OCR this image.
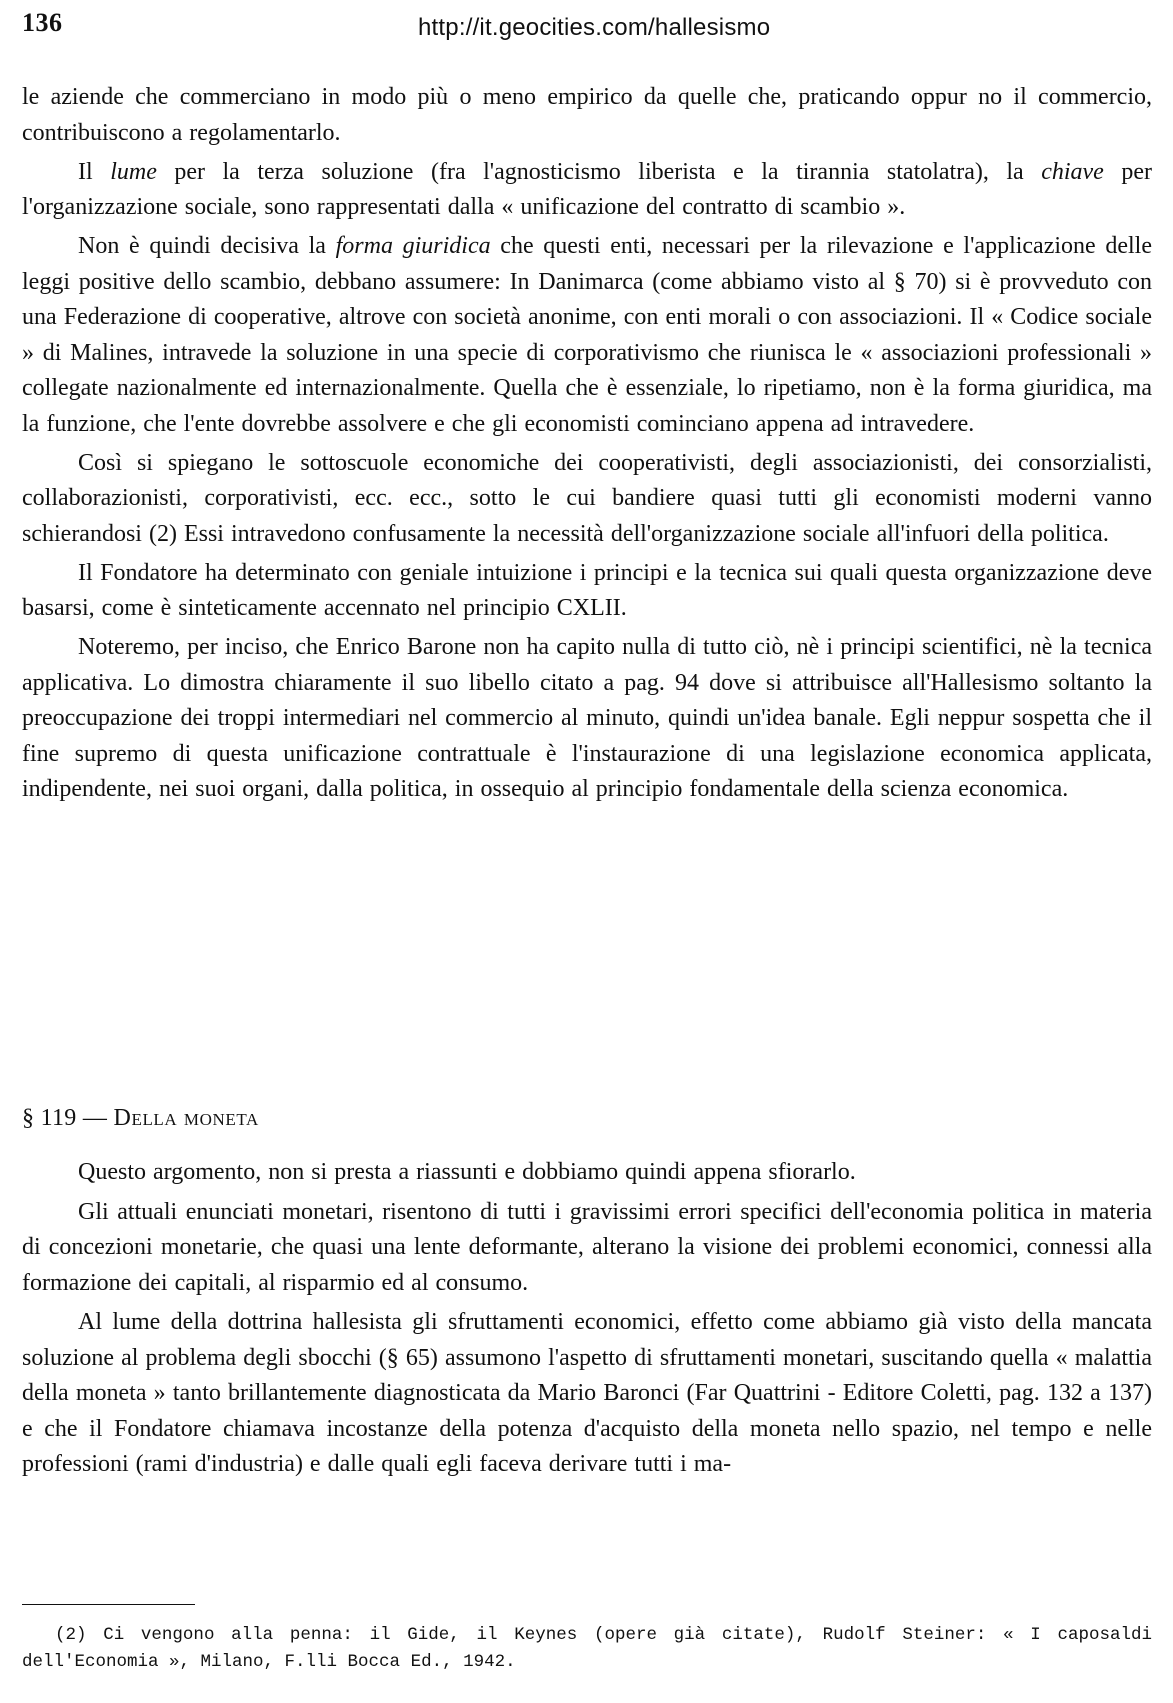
136	http://it.geocities.com/hallesismo

le aziende che commerciano in modo più o meno empirico da quelle che, praticando oppur no il commercio, contribuiscono a regolamentarlo.

Il lume per la terza soluzione (fra l'agnosticismo liberista e la tirannia statolatra), la chiave per l'organizzazione sociale, sono rappresentati dalla « unificazione del contratto di scambio ».

Non è quindi decisiva la forma giuridica che questi enti, necessari per la rilevazione e l'applicazione delle leggi positive dello scambio, debbano assumere: In Danimarca (come abbiamo visto al § 70) si è provveduto con una Federazione di cooperative, altrove con società anonime, con enti morali o con associazioni. Il « Codice sociale » di Malines, intravede la soluzione in una specie di corporativismo che riunisca le « associazioni professionali » collegate nazionalmente ed internazionalmente. Quella che è essenziale, lo ripetiamo, non è la forma giuridica, ma la funzione, che l'ente dovrebbe assolvere e che gli economisti cominciano appena ad intravedere.

Così si spiegano le sottoscuole economiche dei cooperativisti, degli associazionisti, dei consorzialisti, collaborazionisti, corporativisti, ecc. ecc., sotto le cui bandiere quasi tutti gli economisti moderni vanno schierandosi (2) Essi intravedono confusamente la necessità dell'organizzazione sociale all'infuori della politica.

Il Fondatore ha determinato con geniale intuizione i principi e la tecnica sui quali questa organizzazione deve basarsi, come è sinteticamente accennato nel principio CXLII.

Noteremo, per inciso, che Enrico Barone non ha capito nulla di tutto ciò, nè i principi scientifici, nè la tecnica applicativa. Lo dimostra chiaramente il suo libello citato a pag. 94 dove si attribuisce all'Hallesismo soltanto la preoccupazione dei troppi intermediari nel commercio al minuto, quindi un'idea banale. Egli neppur sospetta che il fine supremo di questa unificazione contrattuale è l'instaurazione di una legislazione economica applicata, indipendente, nei suoi organi, dalla politica, in ossequio al principio fondamentale della scienza economica.

§ 119 — Della moneta

Questo argomento, non si presta a riassunti e dobbiamo quindi appena sfiorarlo.

Gli attuali enunciati monetari, risentono di tutti i gravissimi errori specifici dell'economia politica in materia di concezioni monetarie, che quasi una lente deformante, alterano la visione dei problemi economici, connessi alla formazione dei capitali, al risparmio ed al consumo.

Al lume della dottrina hallesista gli sfruttamenti economici, effetto come abbiamo già visto della mancata soluzione al problema degli sbocchi (§ 65) assumono l'aspetto di sfruttamenti monetari, suscitando quella « malattia della moneta » tanto brillantemente diagnosticata da Mario Baronci (Far Quattrini - Editore Coletti, pag. 132 a 137) e che il Fondatore chiamava incostanze della potenza d'acquisto della moneta nello spazio, nel tempo e nelle professioni (rami d'industria) e dalle quali egli faceva derivare tutti i ma-

(2) Ci vengono alla penna: il Gide, il Keynes (opere già citate), Rudolf Steiner: « I caposaldi dell'Economia », Milano, F.lli Bocca Ed., 1942.
